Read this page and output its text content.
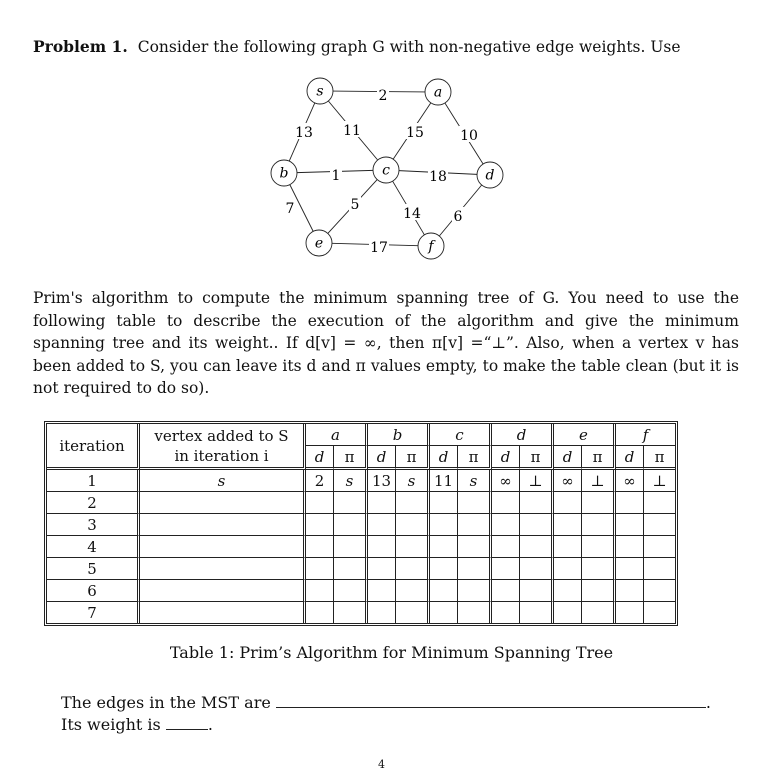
Problem 1. Consider the following graph G with non-negative edge weights. Use
2
13 11	15	10
1
7
18
5
14 6
17
s	a
b	c	d
e	f
Prim's algorithm to compute the minimum spanning tree of G. You need to use the following table to describe the execution of the algorithm and give the minimum spanning tree and its weight.. If d[v] = ∞, then π[v] =“⊥”. Also, when a vertex v has been added to S, you can leave its d and π values empty, to make the table clean (but it is not required to do so).
iteration	vertex added to S
in iteration i	a		b		c		d		e		f	
		d	π	d	π	d	π	d	π	d	π	d	π
1	s	2	s	13	s	11	s	∞	⊥	∞	⊥	∞	⊥
2													
3													
4													
5													
6													
7													
Table 1: Prim’s Algorithm for Minimum Spanning Tree
The edges in the MST are	.
Its weight is	.
4
